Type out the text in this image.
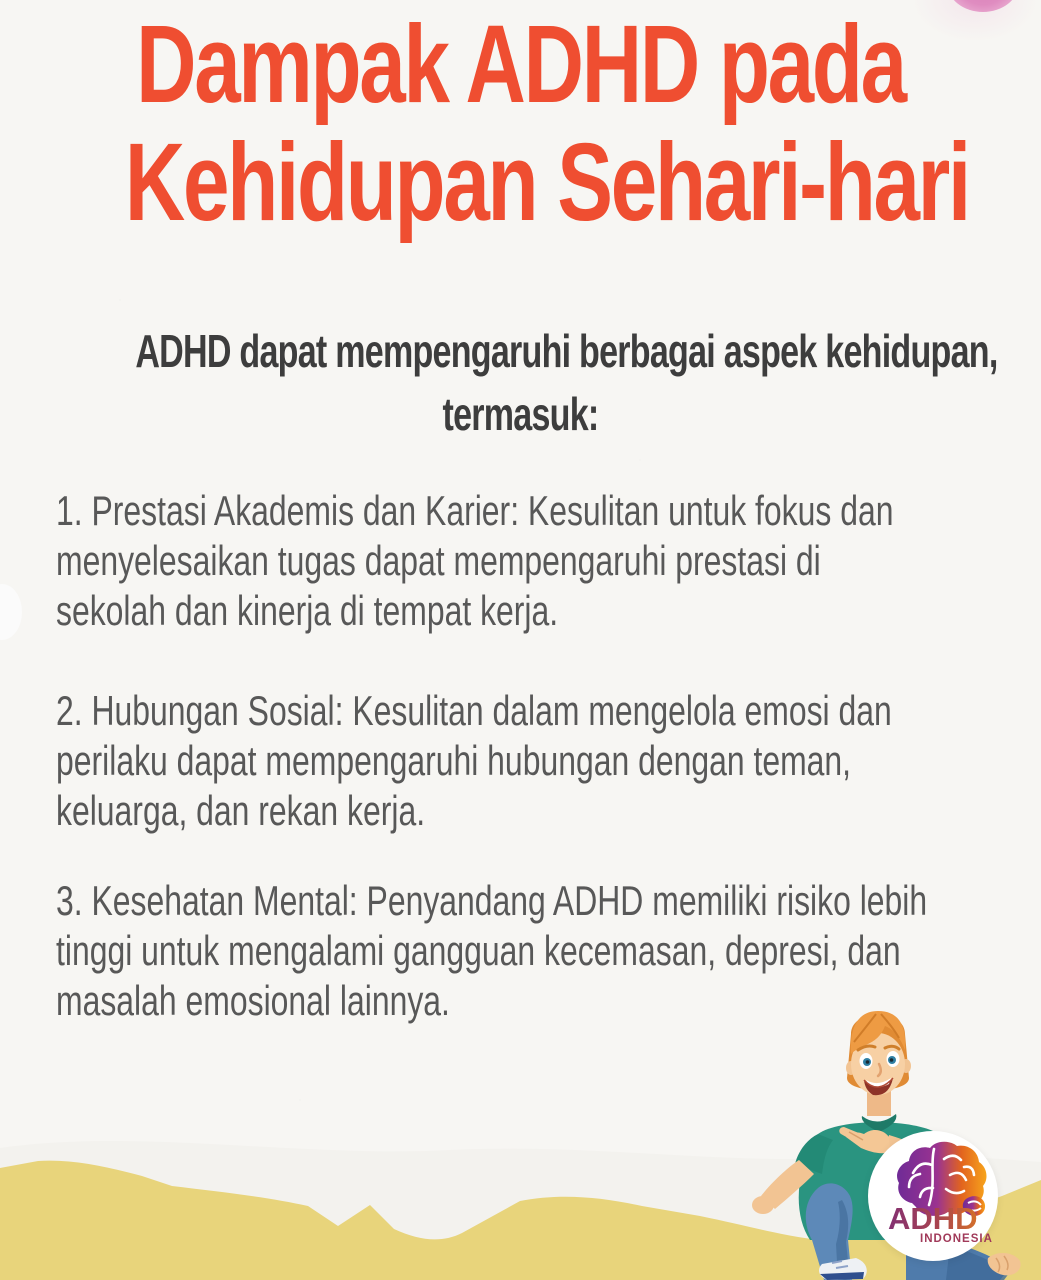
Dampak ADHD pada
Kehidupan Sehari-hari
ADHD dapat mempengaruhi berbagai aspek kehidupan,
termasuk:

1. Prestasi Akademis dan Karier: Kesulitan untuk fokus dan
menyelesaikan tugas dapat mempengaruhi prestasi di
sekolah dan kinerja di tempat kerja.

2. Hubungan Sosial: Kesulitan dalam mengelola emosi dan
perilaku dapat mempengaruhi hubungan dengan teman,
keluarga, dan rekan kerja.

3. Kesehatan Mental: Penyandang ADHD memiliki risiko lebih
tinggi untuk mengalami gangguan kecemasan, depresi, dan
masalah emosional lainnya.

ADHD
INDONESIA
